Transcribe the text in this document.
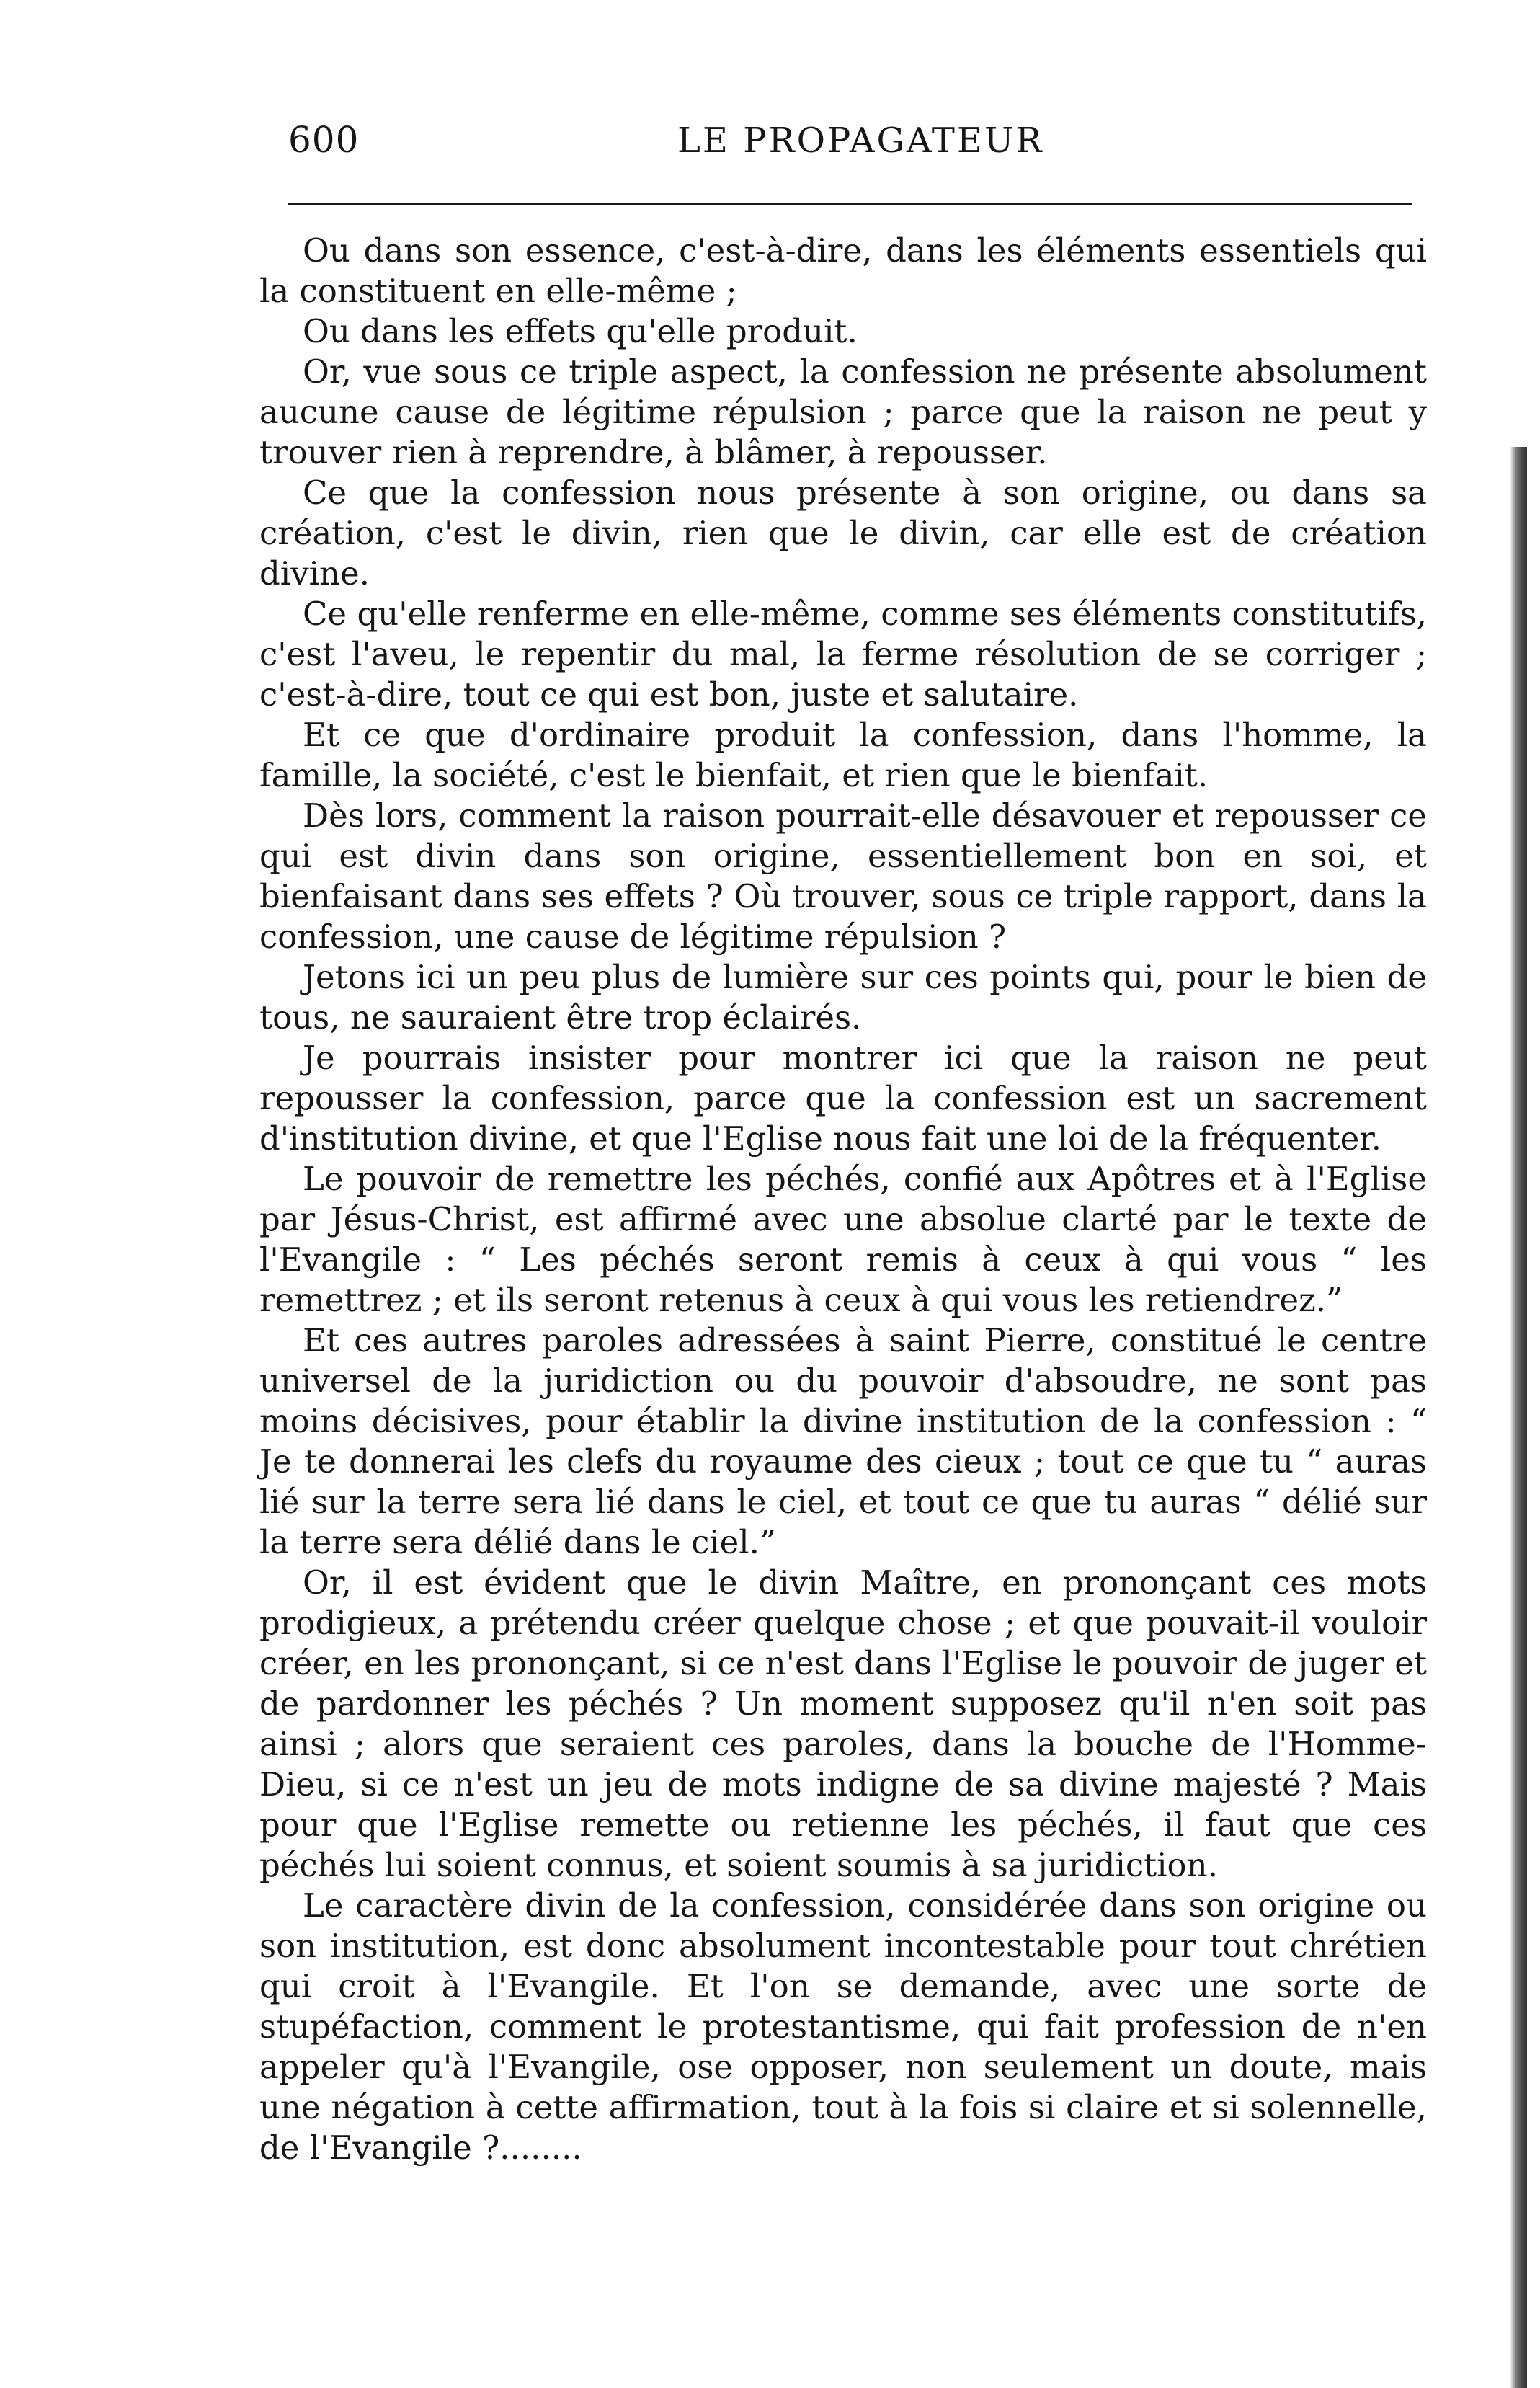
600	LE PROPAGATEUR

Ou dans son essence, c'est-à-dire, dans les éléments essentiels qui la constituent en elle-même ;

Ou dans les effets qu'elle produit.

Or, vue sous ce triple aspect, la confession ne présente absolument aucune cause de légitime répulsion ; parce que la raison ne peut y trouver rien à reprendre, à blâmer, à repousser.

Ce que la confession nous présente à son origine, ou dans sa création, c'est le divin, rien que le divin, car elle est de création divine.

Ce qu'elle renferme en elle-même, comme ses éléments constitutifs, c'est l'aveu, le repentir du mal, la ferme résolution de se corriger ; c'est-à-dire, tout ce qui est bon, juste et salutaire.

Et ce que d'ordinaire produit la confession, dans l'homme, la famille, la société, c'est le bienfait, et rien que le bienfait.

Dès lors, comment la raison pourrait-elle désavouer et repousser ce qui est divin dans son origine, essentiellement bon en soi, et bienfaisant dans ses effets ? Où trouver, sous ce triple rapport, dans la confession, une cause de légitime répulsion ?

Jetons ici un peu plus de lumière sur ces points qui, pour le bien de tous, ne sauraient être trop éclairés.

Je pourrais insister pour montrer ici que la raison ne peut repousser la confession, parce que la confession est un sacrement d'institution divine, et que l'Eglise nous fait une loi de la fréquenter.

Le pouvoir de remettre les péchés, confié aux Apôtres et à l'Eglise par Jésus-Christ, est affirmé avec une absolue clarté par le texte de l'Evangile : “ Les péchés seront remis à ceux à qui vous “ les remettrez ; et ils seront retenus à ceux à qui vous les retiendrez.”

Et ces autres paroles adressées à saint Pierre, constitué le centre universel de la juridiction ou du pouvoir d'absoudre, ne sont pas moins décisives, pour établir la divine institution de la confession : “ Je te donnerai les clefs du royaume des cieux ; tout ce que tu “ auras lié sur la terre sera lié dans le ciel, et tout ce que tu auras “ délié sur la terre sera délié dans le ciel.”

Or, il est évident que le divin Maître, en prononçant ces mots prodigieux, a prétendu créer quelque chose ; et que pouvait-il vouloir créer, en les prononçant, si ce n'est dans l'Eglise le pouvoir de juger et de pardonner les péchés ? Un moment supposez qu'il n'en soit pas ainsi ; alors que seraient ces paroles, dans la bouche de l'Homme-Dieu, si ce n'est un jeu de mots indigne de sa divine majesté ? Mais pour que l'Eglise remette ou retienne les péchés, il faut que ces péchés lui soient connus, et soient soumis à sa juridiction.

Le caractère divin de la confession, considérée dans son origine ou son institution, est donc absolument incontestable pour tout chrétien qui croit à l'Evangile. Et l'on se demande, avec une sorte de stupéfaction, comment le protestantisme, qui fait profession de n'en appeler qu'à l'Evangile, ose opposer, non seulement un doute, mais une négation à cette affirmation, tout à la fois si claire et si solennelle, de l'Evangile ?........
